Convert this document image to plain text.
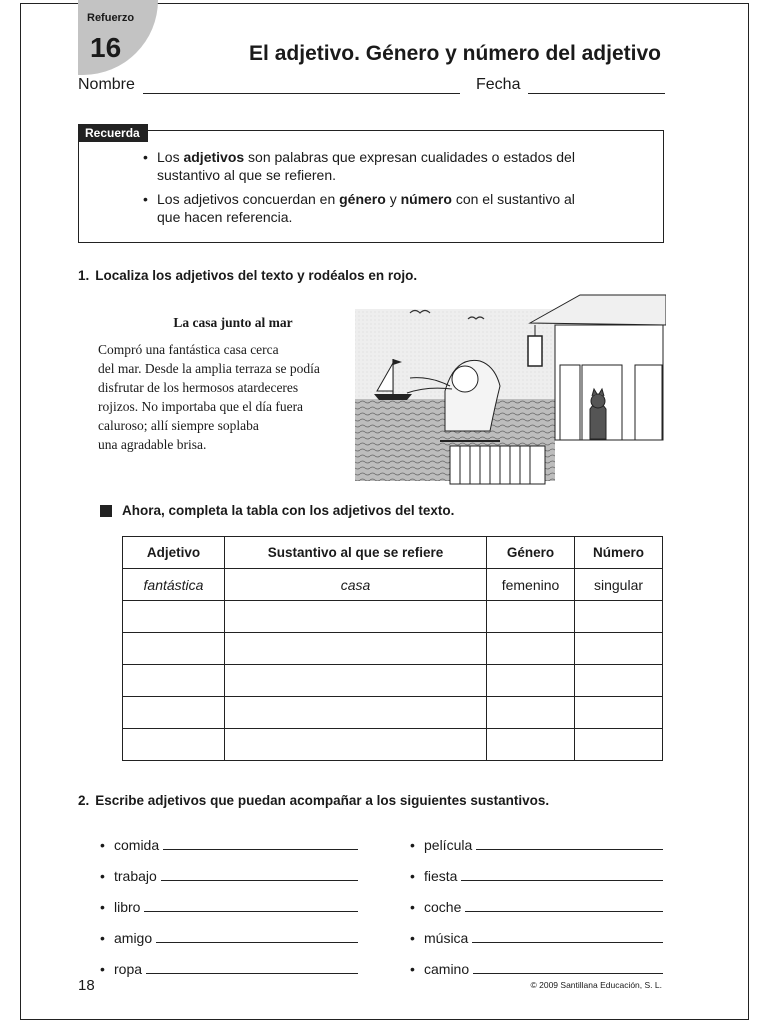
Refuerzo
16	El adjetivo. Género y número del adjetivo
Nombre	Fecha
Recuerda
• Los adjetivos son palabras que expresan cualidades o estados del sustantivo al que se refieren.
• Los adjetivos concuerdan en género y número con el sustantivo al que hacen referencia.
1. Localiza los adjetivos del texto y rodéalos en rojo.
La casa junto al mar
Compró una fantástica casa cerca
del mar. Desde la amplia terraza se podía
disfrutar de los hermosos atardeceres
rojizos. No importaba que el día fuera
caluroso; allí siempre soplaba
una agradable brisa.
Ahora, completa la tabla con los adjetivos del texto.
Adjetivo	Sustantivo al que se refiere	Género	Número
fantástica	casa	femenino	singular

2. Escribe adjetivos que puedan acompañar a los siguientes sustantivos.
• comida
• trabajo
• libro
• amigo
• ropa
• película
• fiesta
• coche
• música
• camino
18	© 2009 Santillana Educación, S. L.
